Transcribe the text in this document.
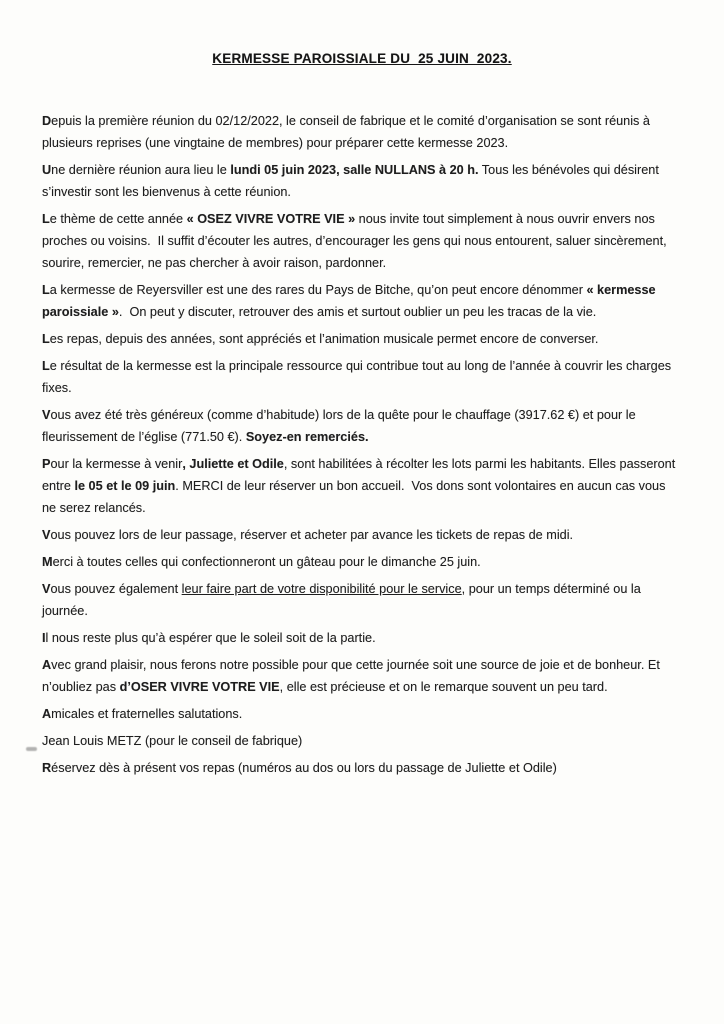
KERMESSE PAROISSIALE DU  25 JUIN  2023.

Depuis la première réunion du 02/12/2022, le conseil de fabrique et le comité d’organisation se sont réunis à plusieurs reprises (une vingtaine de membres) pour préparer cette kermesse 2023.

Une dernière réunion aura lieu le lundi 05 juin 2023, salle NULLANS à 20 h. Tous les bénévoles qui désirent s’investir sont les bienvenus à cette réunion.

Le thème de cette année « OSEZ VIVRE VOTRE VIE » nous invite tout simplement à nous ouvrir envers nos proches ou voisins.  Il suffit d’écouter les autres, d’encourager les gens qui nous entourent, saluer sincèrement, sourire, remercier, ne pas chercher à avoir raison, pardonner.

La kermesse de Reyersviller est une des rares du Pays de Bitche, qu’on peut encore dénommer « kermesse paroissiale ».  On peut y discuter, retrouver des amis et surtout oublier un peu les tracas de la vie.

Les repas, depuis des années, sont appréciés et l’animation musicale permet encore de converser.

Le résultat de la kermesse est la principale ressource qui contribue tout au long de l’année à couvrir les charges fixes.

Vous avez été très généreux (comme d’habitude) lors de la quête pour le chauffage (3917.62 €) et pour le fleurissement de l’église (771.50 €). Soyez-en remerciés.

Pour la kermesse à venir, Juliette et Odile, sont habilitées à récolter les lots parmi les habitants. Elles passeront entre le 05 et le 09 juin. MERCI de leur réserver un bon accueil.  Vos dons sont volontaires en aucun cas vous ne serez relancés.

Vous pouvez lors de leur passage, réserver et acheter par avance les tickets de repas de midi.

Merci à toutes celles qui confectionneront un gâteau pour le dimanche 25 juin.

Vous pouvez également leur faire part de votre disponibilité pour le service, pour un temps déterminé ou la journée.

Il nous reste plus qu’à espérer que le soleil soit de la partie.

Avec grand plaisir, nous ferons notre possible pour que cette journée soit une source de joie et de bonheur. Et n’oubliez pas d’OSER VIVRE VOTRE VIE, elle est précieuse et on le remarque souvent un peu tard.

Amicales et fraternelles salutations.

Jean Louis METZ (pour le conseil de fabrique)

Réservez dès à présent vos repas (numéros au dos ou lors du passage de Juliette et Odile)
